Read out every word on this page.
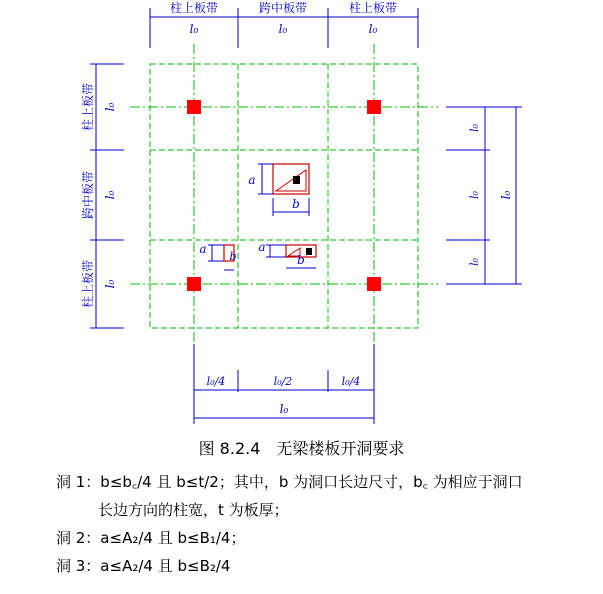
柱上板带	跨中板带	柱上板带
l₀	l₀	l₀
柱上板带
跨中板带
柱上板带
l₀
l₀
l₀
a
b
a
b
a
b
l₀
l₀
l₀
l₀
l₀/4	l₀/2	l₀/4
l₀
图 8.2.4　无梁楼板开洞要求
洞 1：b≤b꜀/4 且 b≤t/2；其中，b 为洞口长边尺寸，b꜀ 为相应于洞口
长边方向的柱宽，t 为板厚；
洞 2：a≤A₂/4 且 b≤B₁/4；
洞 3：a≤A₂/4 且 b≤B₂/4
